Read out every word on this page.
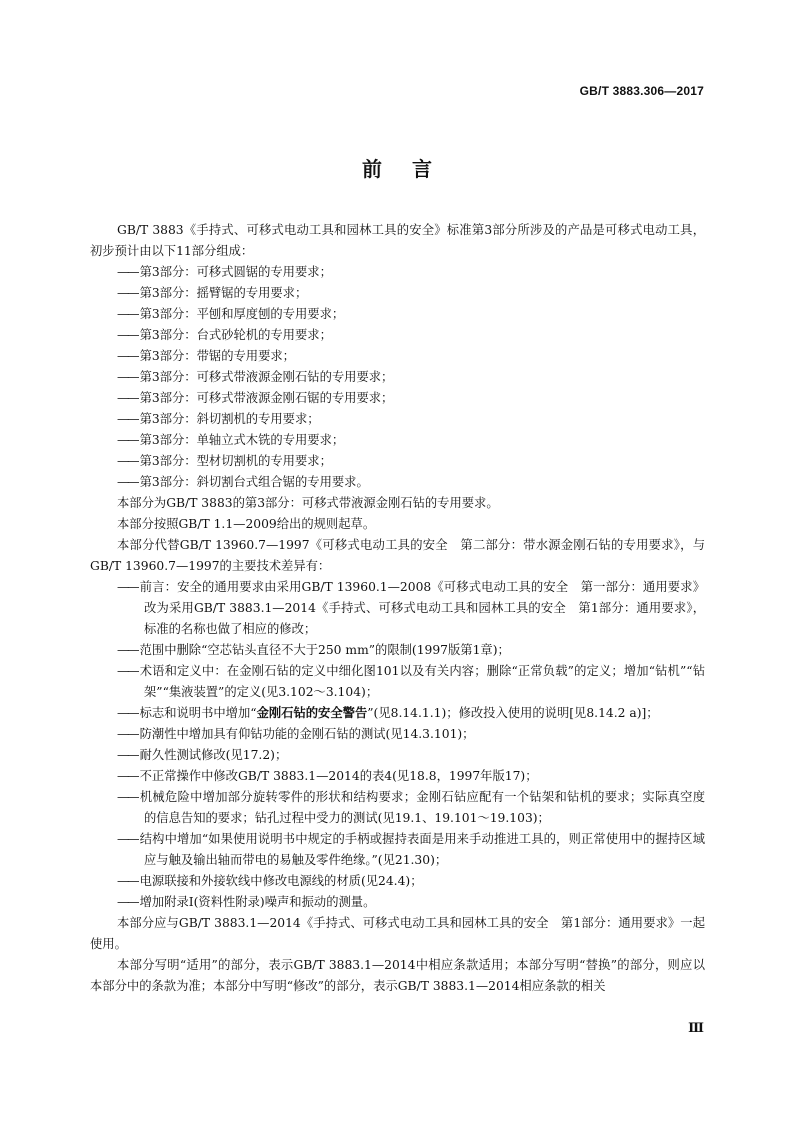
GB/T 3883.306—2017
前言

GB/T 3883《手持式、可移式电动工具和园林工具的安全》标准第3部分所涉及的产品是可移式电动工具，初步预计由以下11部分组成：

—— 第3部分：可移式圆锯的专用要求；

—— 第3部分：摇臂锯的专用要求；

—— 第3部分：平刨和厚度刨的专用要求；

—— 第3部分：台式砂轮机的专用要求；

—— 第3部分：带锯的专用要求；

—— 第3部分：可移式带液源金刚石钻的专用要求；

—— 第3部分：可移式带液源金刚石锯的专用要求；

—— 第3部分：斜切割机的专用要求；

—— 第3部分：单轴立式木铣的专用要求；

—— 第3部分：型材切割机的专用要求；

—— 第3部分：斜切割台式组合锯的专用要求。

本部分为GB/T 3883的第3部分：可移式带液源金刚石钻的专用要求。

本部分按照GB/T 1.1—2009给出的规则起草。

本部分代替GB/T 13960.7—1997《可移式电动工具的安全　第二部分：带水源金刚石钻的专用要求》，与GB/T 13960.7—1997的主要技术差异有：

—— 前言：安全的通用要求由采用GB/T 13960.1—2008《可移式电动工具的安全　第一部分：通用要求》改为采用GB/T 3883.1—2014《手持式、可移式电动工具和园林工具的安全　第1部分：通用要求》，标准的名称也做了相应的修改；

—— 范围中删除“空芯钻头直径不大于250 mm”的限制(1997版第1章)；

—— 术语和定义中：在金刚石钻的定义中细化图101以及有关内容；删除“正常负载”的定义；增加“钻机”“钻架”“集液装置”的定义(见3.102～3.104)；

—— 标志和说明书中增加“金刚石钻的安全警告”(见8.14.1.1)；修改投入使用的说明[见8.14.2 a)]；

—— 防潮性中增加具有仰钻功能的金刚石钻的测试(见14.3.101)；

—— 耐久性测试修改(见17.2)；

—— 不正常操作中修改GB/T 3883.1—2014的表4(见18.8，1997年版17)；

—— 机械危险中增加部分旋转零件的形状和结构要求；金刚石钻应配有一个钻架和钻机的要求；实际真空度的信息告知的要求；钻孔过程中受力的测试(见19.1、19.101～19.103)；

—— 结构中增加“如果使用说明书中规定的手柄或握持表面是用来手动推进工具的，则正常使用中的握持区域应与触及输出轴而带电的易触及零件绝缘。”(见21.30)；

—— 电源联接和外接软线中修改电源线的材质(见24.4)；

—— 增加附录I(资料性附录)噪声和振动的测量。

本部分应与GB/T 3883.1—2014《手持式、可移式电动工具和园林工具的安全　第1部分：通用要求》一起使用。

本部分写明“适用”的部分，表示GB/T 3883.1—2014中相应条款适用；本部分写明“替换”的部分，则应以本部分中的条款为准；本部分中写明“修改”的部分，表示GB/T 3883.1—2014相应条款的相关

Ⅲ
